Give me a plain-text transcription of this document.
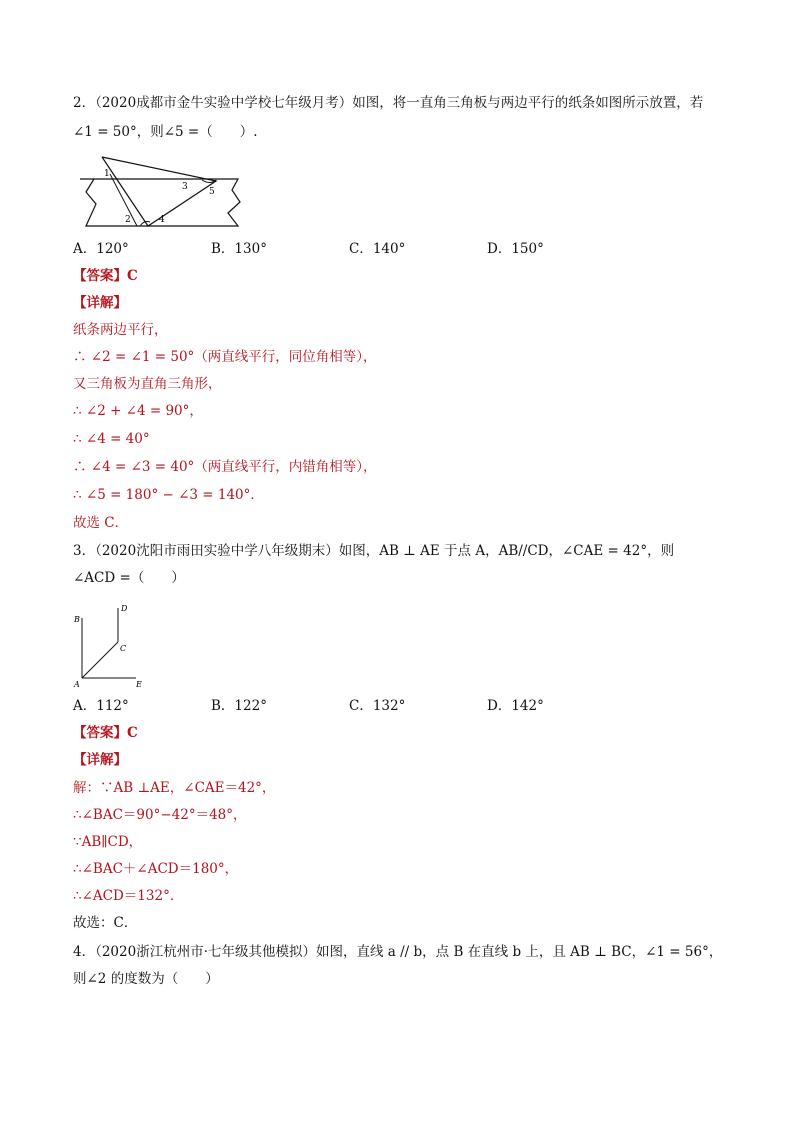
2．（2020成都市金牛实验中学校七年级月考）如图，将一直角三角板与两边平行的纸条如图所示放置，若
∠1 = 50°，则∠5 =（　　）.
1
2
3
4
5
A．120°	B．130°	C．140°	D．150°
【答案】C
【详解】
纸条两边平行，
∴ ∠2 = ∠1 = 50°（两直线平行，同位角相等），
又三角板为直角三角形，
∴ ∠2 + ∠4 = 90°，
∴ ∠4 = 40°
∴ ∠4 = ∠3 = 40°（两直线平行，内错角相等），
∴ ∠5 = 180° − ∠3 = 140°．
故选 C．
3．（2020沈阳市雨田实验中学八年级期末）如图，AB ⊥ AE 于点 A，AB//CD，∠CAE = 42°，则
∠ACD =（　　）
B
D
C
A	E
A．112°	B．122°	C．132°	D．142°
【答案】C
【详解】
解：∵AB ⊥AE，∠CAE＝42°，
∴∠BAC＝90°−42°＝48°，
∵AB∥CD，
∴∠BAC＋∠ACD＝180°，
∴∠ACD＝132°．
故选：C．
4．（2020浙江杭州市·七年级其他模拟）如图，直线 a // b，点 B 在直线 b 上，且 AB ⊥ BC，∠1 = 56°，
则∠2 的度数为（　　）
